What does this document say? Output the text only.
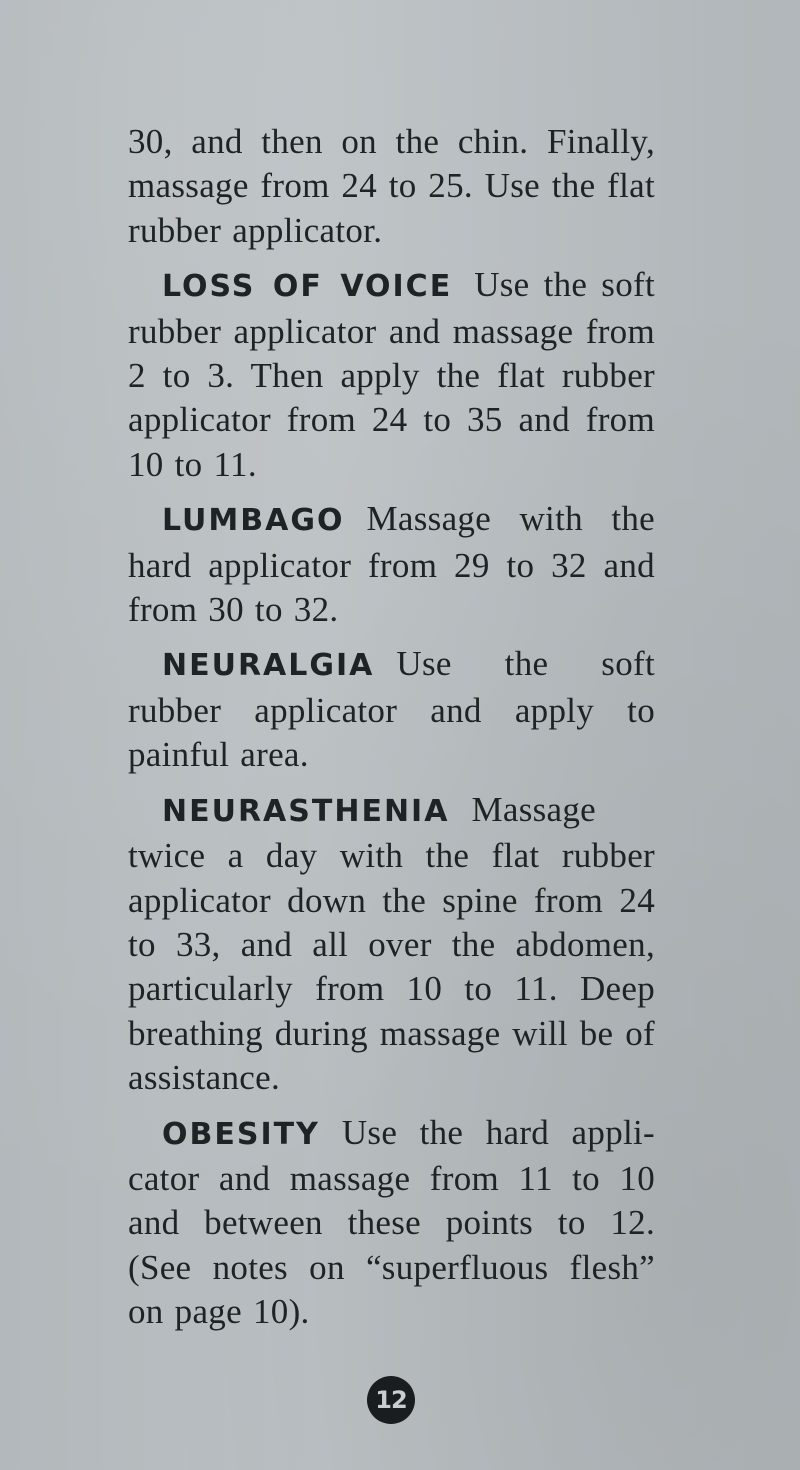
30, and then on the chin. Finally, massage from 24 to 25. Use the flat rubber applicator.

LOSS OF VOICE Use the soft rubber applicator and massage from 2 to 3. Then apply the flat rubber applicator from 24 to 35 and from 10 to 11.

LUMBAGO Massage with the hard applicator from 29 to 32 and from 30 to 32.

NEURALGIA Use the soft rubber applicator and apply to painful area.

NEURASTHENIA Massage twice a day with the flat rubber applicator down the spine from 24 to 33, and all over the abdomen, particularly from 10 to 11. Deep breathing during massage will be of assistance.

OBESITY Use the hard appli-cator and massage from 11 to 10 and between these points to 12. (See notes on “superfluous flesh” on page 10).

12
